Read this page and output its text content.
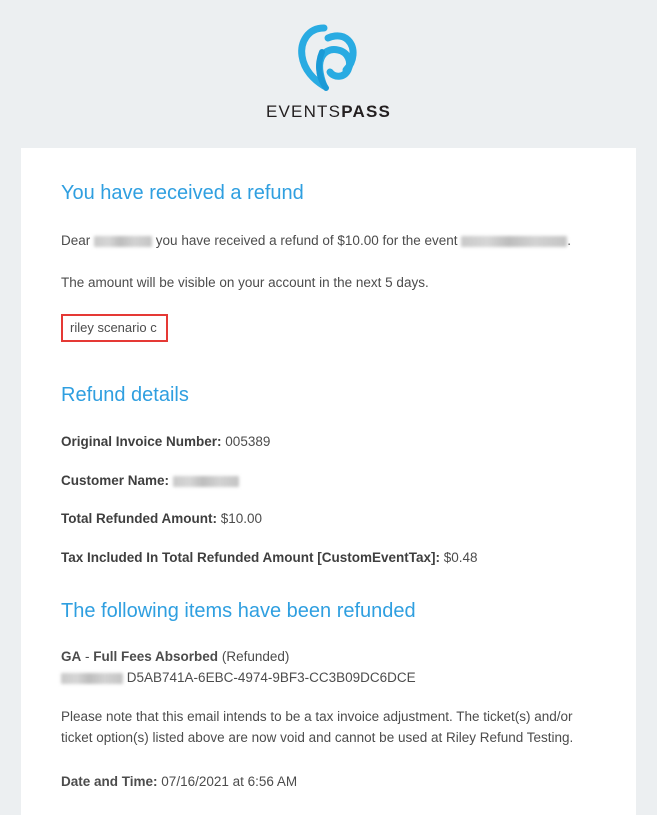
EVENTSPASS
You have received a refund

Dear	you have received a refund of $10.00 for the event	.

The amount will be visible on your account in the next 5 days.

riley scenario c
Refund details
Original Invoice Number: 005389
Customer Name:
Total Refunded Amount: $10.00
Tax Included In Total Refunded Amount [CustomEventTax]: $0.48
The following items have been refunded
GA - Full Fees Absorbed (Refunded)
D5AB741A-6EBC-4974-9BF3-CC3B09DC6DCE

Please note that this email intends to be a tax invoice adjustment. The ticket(s) and/or ticket option(s) listed above are now void and cannot be used at Riley Refund Testing.

Date and Time: 07/16/2021 at 6:56 AM
